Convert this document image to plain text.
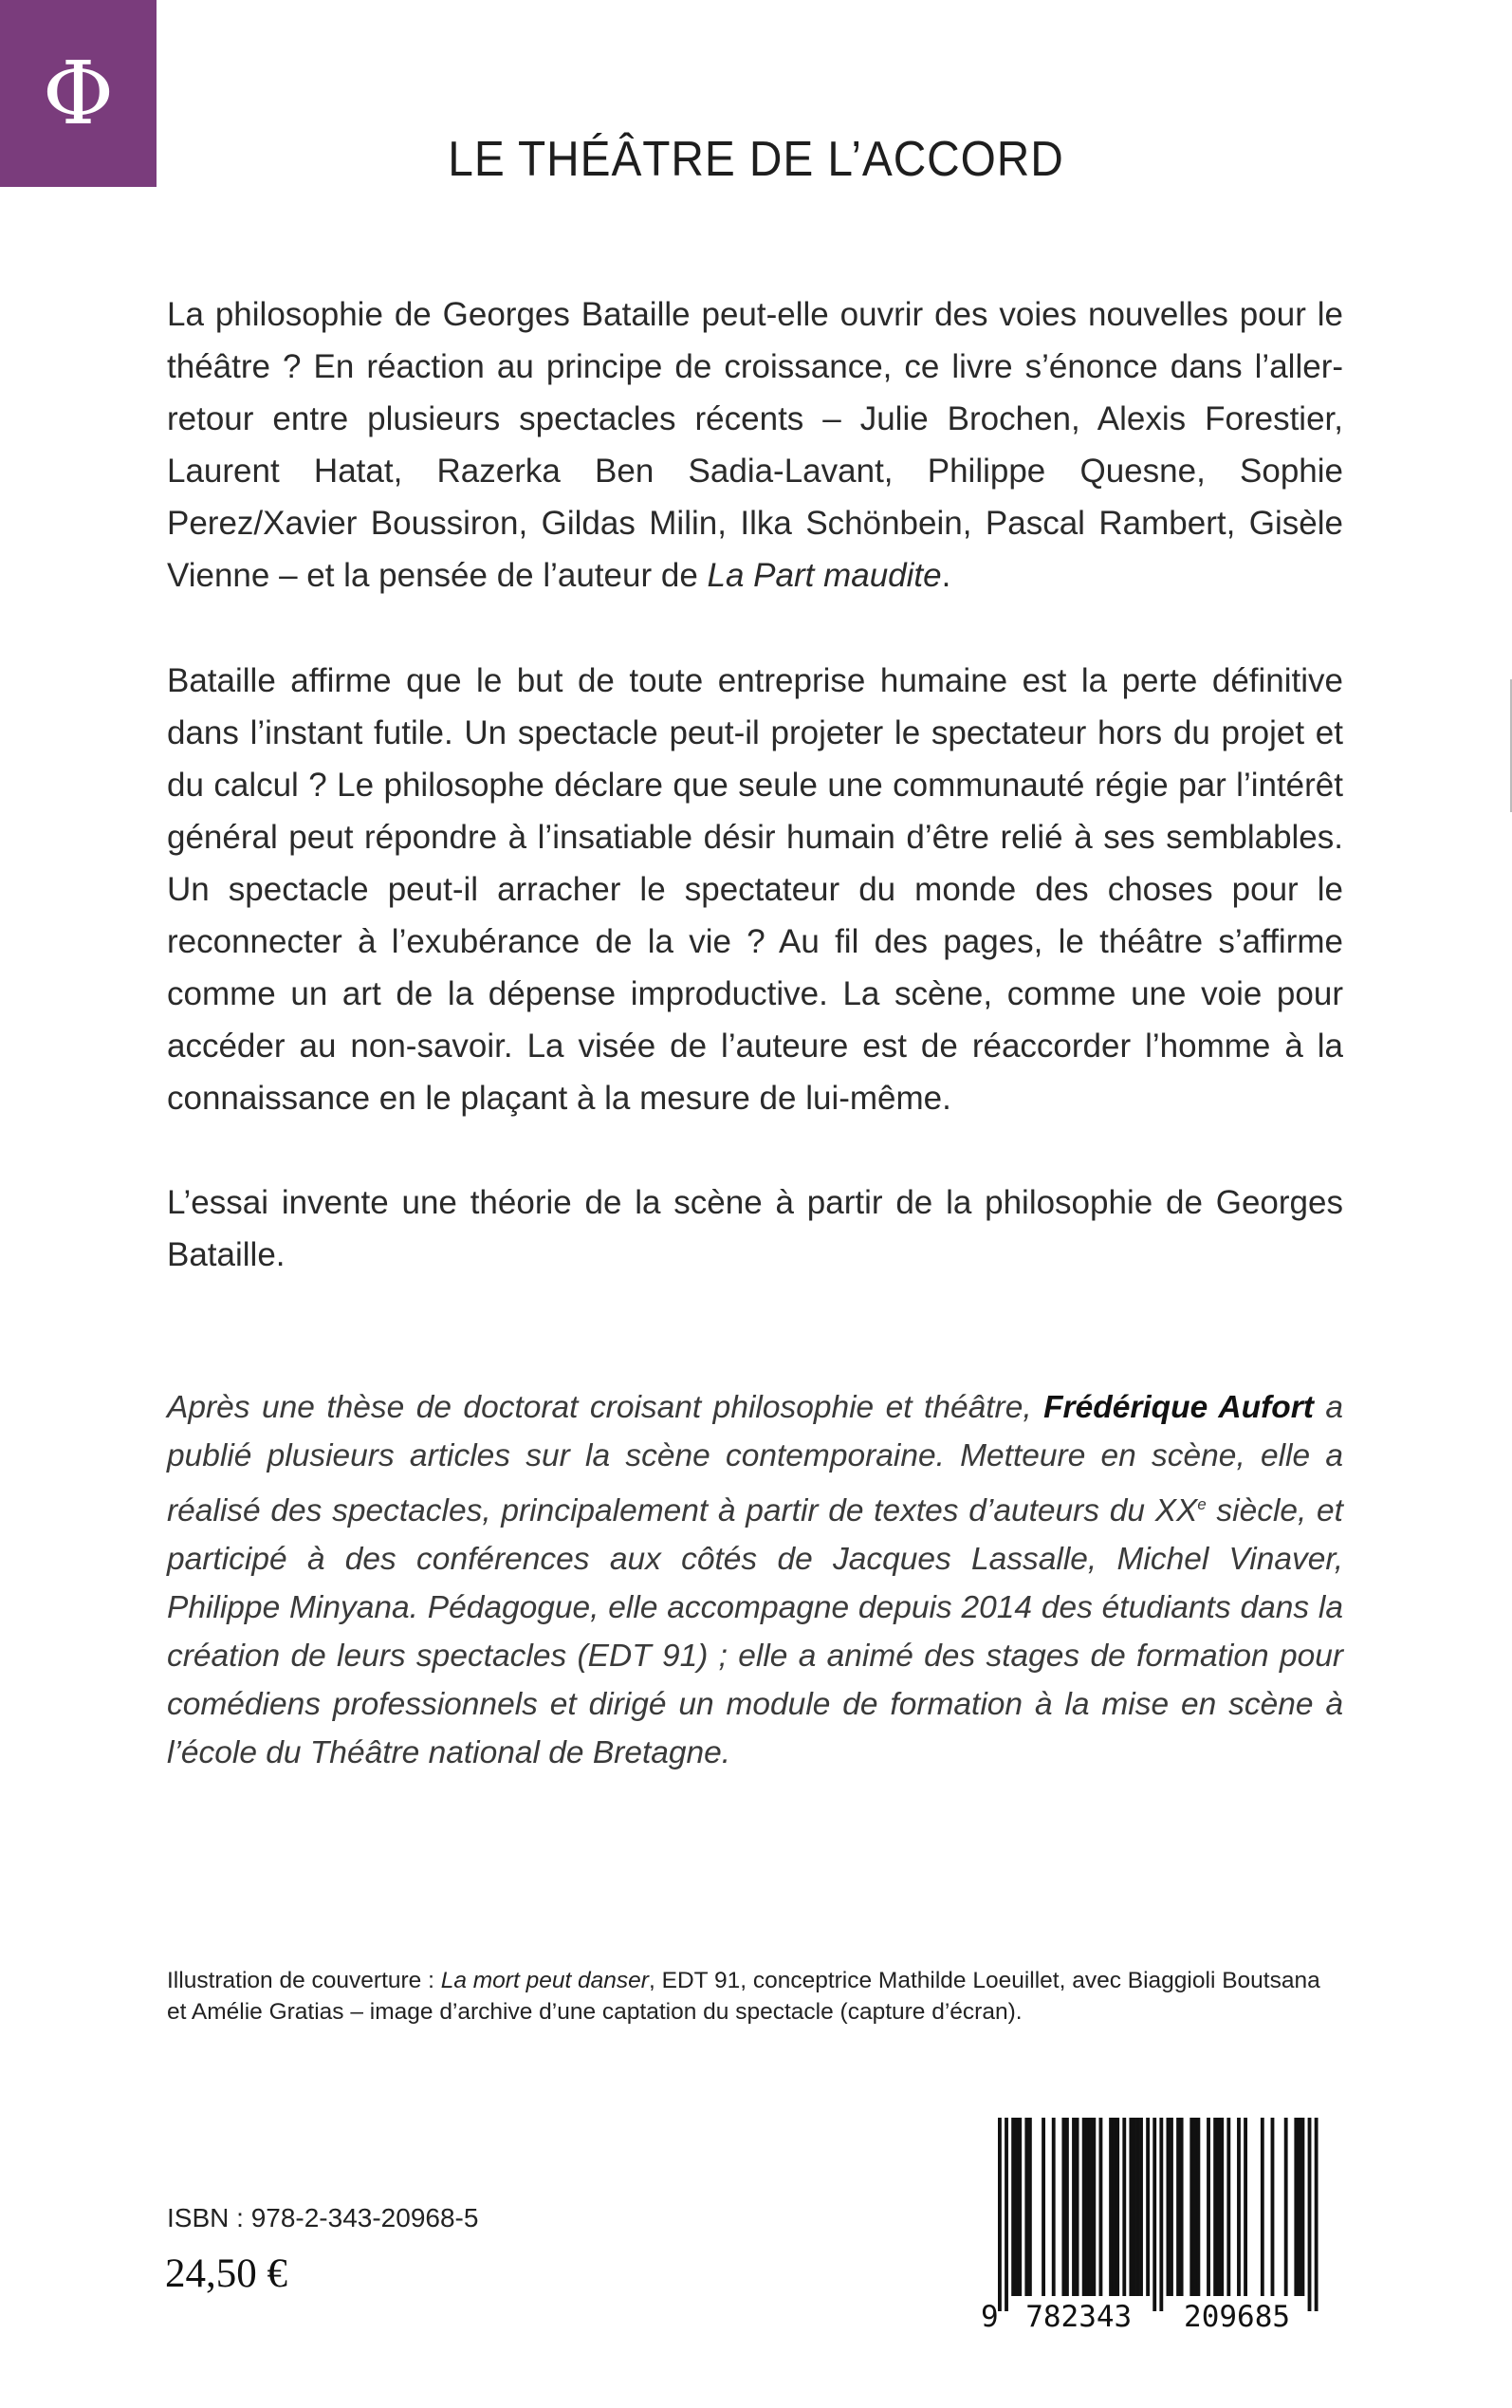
Φ
LE THÉÂTRE DE L’ACCORD
La philosophie de Georges Bataille peut-elle ouvrir des voies nouvelles pour le théâtre ? En réaction au principe de croissance, ce livre s’énonce dans l’aller-retour entre plusieurs spectacles récents – Julie Brochen, Alexis Forestier, Laurent Hatat, Razerka Ben Sadia-Lavant, Philippe Quesne, Sophie Perez/Xavier Boussiron, Gildas Milin, Ilka Schönbein, Pascal Rambert, Gisèle Vienne – et la pensée de l’auteur de La Part maudite.
Bataille affirme que le but de toute entreprise humaine est la perte définitive dans l’instant futile. Un spectacle peut-il projeter le spectateur hors du projet et du calcul ? Le philosophe déclare que seule une communauté régie par l’intérêt général peut répondre à l’insatiable désir humain d’être relié à ses semblables. Un spectacle peut-il arracher le spectateur du monde des choses pour le reconnecter à l’exubérance de la vie ? Au fil des pages, le théâtre s’affirme comme un art de la dépense improductive. La scène, comme une voie pour accéder au non-savoir. La visée de l’auteure est de réaccorder l’homme à la connaissance en le plaçant à la mesure de lui-même.
L’essai invente une théorie de la scène à partir de la philosophie de Georges Bataille.
Après une thèse de doctorat croisant philosophie et théâtre, Frédérique Aufort a publié plusieurs articles sur la scène contemporaine. Metteure en scène, elle a réalisé des spectacles, principalement à partir de textes d’auteurs du XXe siècle, et participé à des conférences aux côtés de Jacques Lassalle, Michel Vinaver, Philippe Minyana. Pédagogue, elle accompagne depuis 2014 des étudiants dans la création de leurs spectacles (EDT 91) ; elle a animé des stages de formation pour comédiens professionnels et dirigé un module de formation à la mise en scène à l’école du Théâtre national de Bretagne.
Illustration de couverture : La mort peut danser, EDT 91, conceptrice Mathilde Loeuillet, avec Biaggioli Boutsana et Amélie Gratias – image d’archive d’une captation du spectacle (capture d’écran).
ISBN : 978-2-343-20968-5
24,50 €
9 782343 209685
